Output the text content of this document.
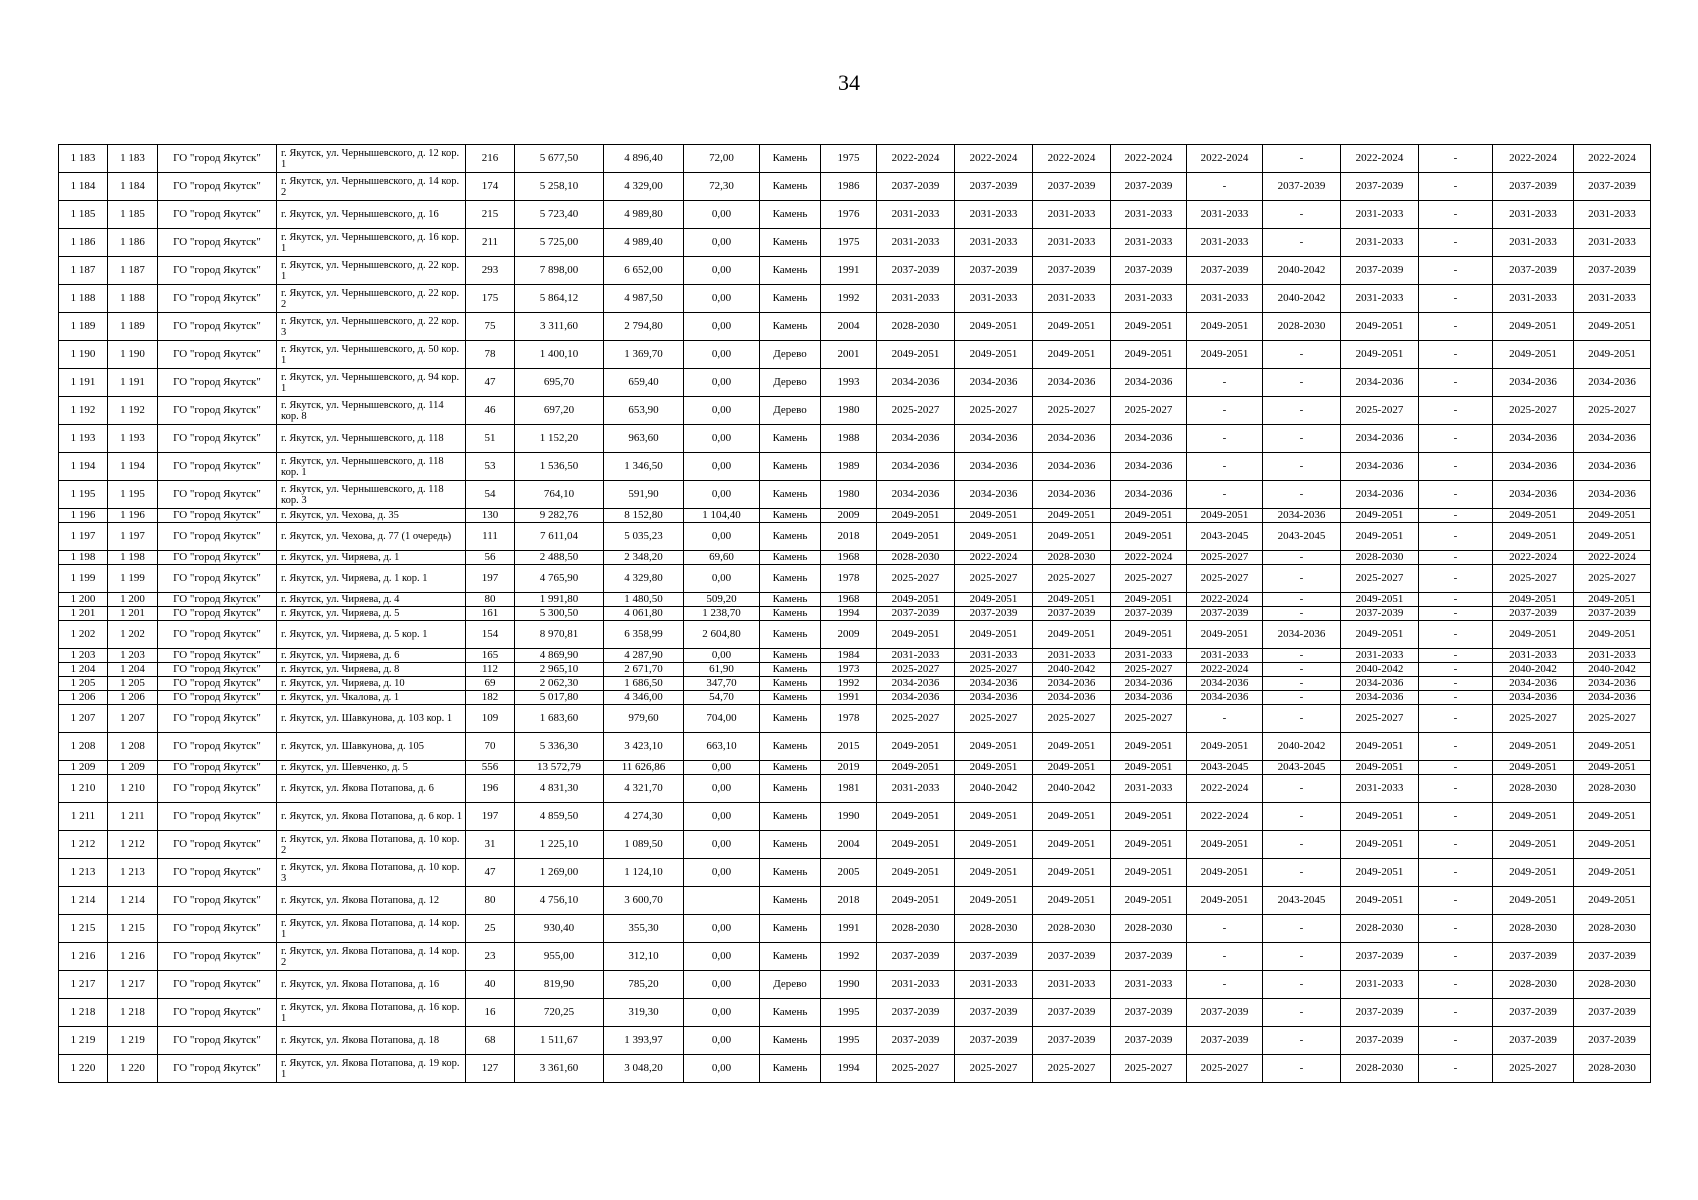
34
1 183	1 183	ГО "город Якутск"	г. Якутск, ул. Чернышевского, д. 12 кор. 1	216	5 677,50	4 896,40	72,00	Камень	1975	2022-2024	2022-2024	2022-2024	2022-2024	2022-2024	-	2022-2024	-	2022-2024	2022-2024
1 184	1 184	ГО "город Якутск"	г. Якутск, ул. Чернышевского, д. 14 кор. 2	174	5 258,10	4 329,00	72,30	Камень	1986	2037-2039	2037-2039	2037-2039	2037-2039	-	2037-2039	2037-2039	-	2037-2039	2037-2039
1 185	1 185	ГО "город Якутск"	г. Якутск, ул. Чернышевского, д. 16	215	5 723,40	4 989,80	0,00	Камень	1976	2031-2033	2031-2033	2031-2033	2031-2033	2031-2033	-	2031-2033	-	2031-2033	2031-2033
1 186	1 186	ГО "город Якутск"	г. Якутск, ул. Чернышевского, д. 16 кор. 1	211	5 725,00	4 989,40	0,00	Камень	1975	2031-2033	2031-2033	2031-2033	2031-2033	2031-2033	-	2031-2033	-	2031-2033	2031-2033
1 187	1 187	ГО "город Якутск"	г. Якутск, ул. Чернышевского, д. 22 кор. 1	293	7 898,00	6 652,00	0,00	Камень	1991	2037-2039	2037-2039	2037-2039	2037-2039	2037-2039	2040-2042	2037-2039	-	2037-2039	2037-2039
1 188	1 188	ГО "город Якутск"	г. Якутск, ул. Чернышевского, д. 22 кор. 2	175	5 864,12	4 987,50	0,00	Камень	1992	2031-2033	2031-2033	2031-2033	2031-2033	2031-2033	2040-2042	2031-2033	-	2031-2033	2031-2033
1 189	1 189	ГО "город Якутск"	г. Якутск, ул. Чернышевского, д. 22 кор. 3	75	3 311,60	2 794,80	0,00	Камень	2004	2028-2030	2049-2051	2049-2051	2049-2051	2049-2051	2028-2030	2049-2051	-	2049-2051	2049-2051
1 190	1 190	ГО "город Якутск"	г. Якутск, ул. Чернышевского, д. 50 кор. 1	78	1 400,10	1 369,70	0,00	Дерево	2001	2049-2051	2049-2051	2049-2051	2049-2051	2049-2051	-	2049-2051	-	2049-2051	2049-2051
1 191	1 191	ГО "город Якутск"	г. Якутск, ул. Чернышевского, д. 94 кор. 1	47	695,70	659,40	0,00	Дерево	1993	2034-2036	2034-2036	2034-2036	2034-2036	-	-	2034-2036	-	2034-2036	2034-2036
1 192	1 192	ГО "город Якутск"	г. Якутск, ул. Чернышевского, д. 114 кор. 8	46	697,20	653,90	0,00	Дерево	1980	2025-2027	2025-2027	2025-2027	2025-2027	-	-	2025-2027	-	2025-2027	2025-2027
1 193	1 193	ГО "город Якутск"	г. Якутск, ул. Чернышевского, д. 118	51	1 152,20	963,60	0,00	Камень	1988	2034-2036	2034-2036	2034-2036	2034-2036	-	-	2034-2036	-	2034-2036	2034-2036
1 194	1 194	ГО "город Якутск"	г. Якутск, ул. Чернышевского, д. 118 кор. 1	53	1 536,50	1 346,50	0,00	Камень	1989	2034-2036	2034-2036	2034-2036	2034-2036	-	-	2034-2036	-	2034-2036	2034-2036
1 195	1 195	ГО "город Якутск"	г. Якутск, ул. Чернышевского, д. 118 кор. 3	54	764,10	591,90	0,00	Камень	1980	2034-2036	2034-2036	2034-2036	2034-2036	-	-	2034-2036	-	2034-2036	2034-2036
1 196	1 196	ГО "город Якутск"	г. Якутск, ул. Чехова, д. 35	130	9 282,76	8 152,80	1 104,40	Камень	2009	2049-2051	2049-2051	2049-2051	2049-2051	2049-2051	2034-2036	2049-2051	-	2049-2051	2049-2051
1 197	1 197	ГО "город Якутск"	г. Якутск, ул. Чехова, д. 77 (1 очередь)	111	7 611,04	5 035,23	0,00	Камень	2018	2049-2051	2049-2051	2049-2051	2049-2051	2043-2045	2043-2045	2049-2051	-	2049-2051	2049-2051
1 198	1 198	ГО "город Якутск"	г. Якутск, ул. Чиряева, д. 1	56	2 488,50	2 348,20	69,60	Камень	1968	2028-2030	2022-2024	2028-2030	2022-2024	2025-2027	-	2028-2030	-	2022-2024	2022-2024
1 199	1 199	ГО "город Якутск"	г. Якутск, ул. Чиряева, д. 1 кор. 1	197	4 765,90	4 329,80	0,00	Камень	1978	2025-2027	2025-2027	2025-2027	2025-2027	2025-2027	-	2025-2027	-	2025-2027	2025-2027
1 200	1 200	ГО "город Якутск"	г. Якутск, ул. Чиряева, д. 4	80	1 991,80	1 480,50	509,20	Камень	1968	2049-2051	2049-2051	2049-2051	2049-2051	2022-2024	-	2049-2051	-	2049-2051	2049-2051
1 201	1 201	ГО "город Якутск"	г. Якутск, ул. Чиряева, д. 5	161	5 300,50	4 061,80	1 238,70	Камень	1994	2037-2039	2037-2039	2037-2039	2037-2039	2037-2039	-	2037-2039	-	2037-2039	2037-2039
1 202	1 202	ГО "город Якутск"	г. Якутск, ул. Чиряева, д. 5 кор. 1	154	8 970,81	6 358,99	2 604,80	Камень	2009	2049-2051	2049-2051	2049-2051	2049-2051	2049-2051	2034-2036	2049-2051	-	2049-2051	2049-2051
1 203	1 203	ГО "город Якутск"	г. Якутск, ул. Чиряева, д. 6	165	4 869,90	4 287,90	0,00	Камень	1984	2031-2033	2031-2033	2031-2033	2031-2033	2031-2033	-	2031-2033	-	2031-2033	2031-2033
1 204	1 204	ГО "город Якутск"	г. Якутск, ул. Чиряева, д. 8	112	2 965,10	2 671,70	61,90	Камень	1973	2025-2027	2025-2027	2040-2042	2025-2027	2022-2024	-	2040-2042	-	2040-2042	2040-2042
1 205	1 205	ГО "город Якутск"	г. Якутск, ул. Чиряева, д. 10	69	2 062,30	1 686,50	347,70	Камень	1992	2034-2036	2034-2036	2034-2036	2034-2036	2034-2036	-	2034-2036	-	2034-2036	2034-2036
1 206	1 206	ГО "город Якутск"	г. Якутск, ул. Чкалова, д. 1	182	5 017,80	4 346,00	54,70	Камень	1991	2034-2036	2034-2036	2034-2036	2034-2036	2034-2036	-	2034-2036	-	2034-2036	2034-2036
1 207	1 207	ГО "город Якутск"	г. Якутск, ул. Шавкунова, д. 103 кор. 1	109	1 683,60	979,60	704,00	Камень	1978	2025-2027	2025-2027	2025-2027	2025-2027	-	-	2025-2027	-	2025-2027	2025-2027
1 208	1 208	ГО "город Якутск"	г. Якутск, ул. Шавкунова, д. 105	70	5 336,30	3 423,10	663,10	Камень	2015	2049-2051	2049-2051	2049-2051	2049-2051	2049-2051	2040-2042	2049-2051	-	2049-2051	2049-2051
1 209	1 209	ГО "город Якутск"	г. Якутск, ул. Шевченко, д. 5	556	13 572,79	11 626,86	0,00	Камень	2019	2049-2051	2049-2051	2049-2051	2049-2051	2043-2045	2043-2045	2049-2051	-	2049-2051	2049-2051
1 210	1 210	ГО "город Якутск"	г. Якутск, ул. Якова Потапова, д. 6	196	4 831,30	4 321,70	0,00	Камень	1981	2031-2033	2040-2042	2040-2042	2031-2033	2022-2024	-	2031-2033	-	2028-2030	2028-2030
1 211	1 211	ГО "город Якутск"	г. Якутск, ул. Якова Потапова, д. 6 кор. 1	197	4 859,50	4 274,30	0,00	Камень	1990	2049-2051	2049-2051	2049-2051	2049-2051	2022-2024	-	2049-2051	-	2049-2051	2049-2051
1 212	1 212	ГО "город Якутск"	г. Якутск, ул. Якова Потапова, д. 10 кор. 2	31	1 225,10	1 089,50	0,00	Камень	2004	2049-2051	2049-2051	2049-2051	2049-2051	2049-2051	-	2049-2051	-	2049-2051	2049-2051
1 213	1 213	ГО "город Якутск"	г. Якутск, ул. Якова Потапова, д. 10 кор. 3	47	1 269,00	1 124,10	0,00	Камень	2005	2049-2051	2049-2051	2049-2051	2049-2051	2049-2051	-	2049-2051	-	2049-2051	2049-2051
1 214	1 214	ГО "город Якутск"	г. Якутск, ул. Якова Потапова, д. 12	80	4 756,10	3 600,70		Камень	2018	2049-2051	2049-2051	2049-2051	2049-2051	2049-2051	2043-2045	2049-2051	-	2049-2051	2049-2051
1 215	1 215	ГО "город Якутск"	г. Якутск, ул. Якова Потапова, д. 14 кор. 1	25	930,40	355,30	0,00	Камень	1991	2028-2030	2028-2030	2028-2030	2028-2030	-	-	2028-2030	-	2028-2030	2028-2030
1 216	1 216	ГО "город Якутск"	г. Якутск, ул. Якова Потапова, д. 14 кор. 2	23	955,00	312,10	0,00	Камень	1992	2037-2039	2037-2039	2037-2039	2037-2039	-	-	2037-2039	-	2037-2039	2037-2039
1 217	1 217	ГО "город Якутск"	г. Якутск, ул. Якова Потапова, д. 16	40	819,90	785,20	0,00	Дерево	1990	2031-2033	2031-2033	2031-2033	2031-2033	-	-	2031-2033	-	2028-2030	2028-2030
1 218	1 218	ГО "город Якутск"	г. Якутск, ул. Якова Потапова, д. 16 кор. 1	16	720,25	319,30	0,00	Камень	1995	2037-2039	2037-2039	2037-2039	2037-2039	2037-2039	-	2037-2039	-	2037-2039	2037-2039
1 219	1 219	ГО "город Якутск"	г. Якутск, ул. Якова Потапова, д. 18	68	1 511,67	1 393,97	0,00	Камень	1995	2037-2039	2037-2039	2037-2039	2037-2039	2037-2039	-	2037-2039	-	2037-2039	2037-2039
1 220	1 220	ГО "город Якутск"	г. Якутск, ул. Якова Потапова, д. 19 кор. 1	127	3 361,60	3 048,20	0,00	Камень	1994	2025-2027	2025-2027	2025-2027	2025-2027	2025-2027	-	2028-2030	-	2025-2027	2028-2030
